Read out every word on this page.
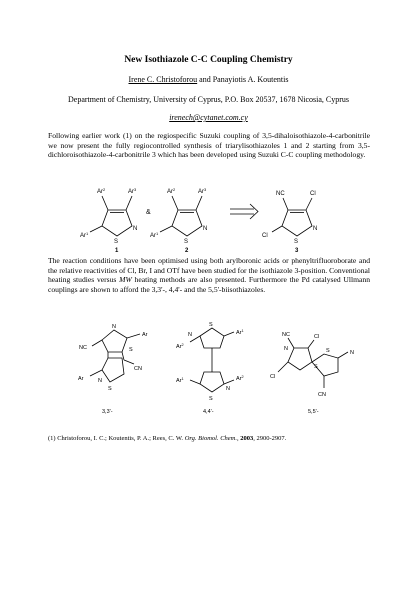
New Isothiazole C-C Coupling Chemistry
Irene C. Christoforou and Panayiotis A. Koutentis
Department of Chemistry, University of Cyprus, P.O. Box 20537, 1678 Nicosia, Cyprus
irenech@cytanet.com.cy
Following earlier work (1) on the regiospecific Suzuki coupling of 3,5-dihaloisothiazole-4-carbonitrile we now present the fully regiocontrolled synthesis of triarylisothiazoles 1 and 2 starting from 3,5-dichloroisothiazole-4-carbonitrile 3 which has been developed using Suzuki C-C coupling methodology.
Ar$^2$	Ar$^3$
Ar$^1$
S
N
&
Ar$^2$	Ar$^3$
Ar$^1$
S
N
NC	Cl
Cl
S
N
1	2	3
The reaction conditions have been optimised using both arylboronic acids or phenyltrifluoroborate and the relative reactivities of Cl, Br, I and OTf have been studied for the isothiazole 3-position. Conventional heating studies versus MW heating methods are also presented. Furthermore the Pd catalysed Ullmann couplings are shown to afford the 3,3'-, 4,4'- and the 5,5'-biisothiazoles.
N
S
Ar
NC
CN
Ar	N
S
S
N	Ar$^1$
Ar$^2$
Ar$^1$	Ar$^2$
S
N
NC	Cl
S
N
Cl
CN
S	N
3,3'-	4,4'-	5,5'-
(1) Christoforou, I. C.; Koutentis, P. A.; Rees, C. W. Org. Biomol. Chem., 2003, 2900-2907.
